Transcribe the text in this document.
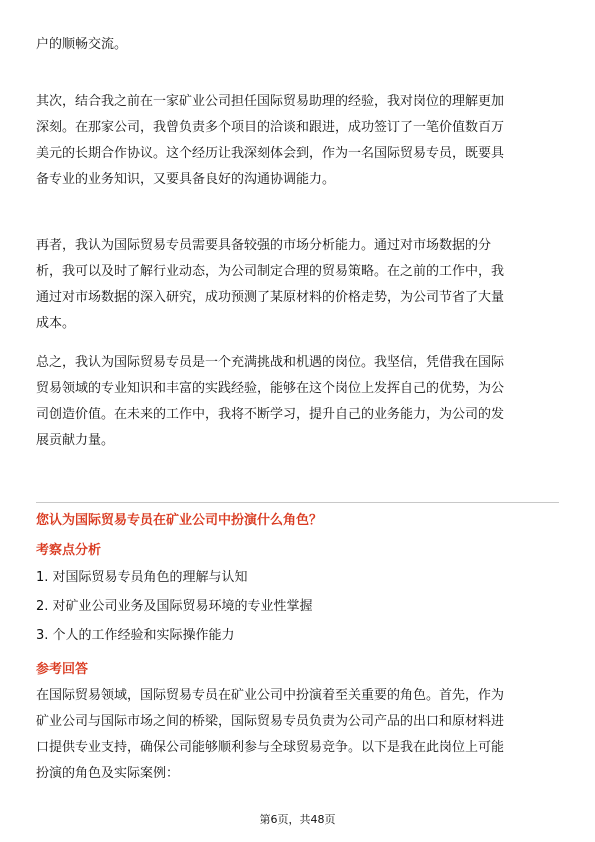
户的顺畅交流。

其次，结合我之前在一家矿业公司担任国际贸易助理的经验，我对岗位的理解更加
深刻。在那家公司，我曾负责多个项目的洽谈和跟进，成功签订了一笔价值数百万
美元的长期合作协议。这个经历让我深刻体会到，作为一名国际贸易专员，既要具
备专业的业务知识，又要具备良好的沟通协调能力。

再者，我认为国际贸易专员需要具备较强的市场分析能力。通过对市场数据的分
析，我可以及时了解行业动态，为公司制定合理的贸易策略。在之前的工作中，我
通过对市场数据的深入研究，成功预测了某原材料的价格走势，为公司节省了大量
成本。

总之，我认为国际贸易专员是一个充满挑战和机遇的岗位。我坚信，凭借我在国际
贸易领域的专业知识和丰富的实践经验，能够在这个岗位上发挥自己的优势，为公
司创造价值。在未来的工作中，我将不断学习，提升自己的业务能力，为公司的发
展贡献力量。

您认为国际贸易专员在矿业公司中扮演什么角色？
考察点分析

1. 对国际贸易专员角色的理解与认知

2. 对矿业公司业务及国际贸易环境的专业性掌握

3. 个人的工作经验和实际操作能力

参考回答

在国际贸易领域，国际贸易专员在矿业公司中扮演着至关重要的角色。首先，作为
矿业公司与国际市场之间的桥梁，国际贸易专员负责为公司产品的出口和原材料进
口提供专业支持，确保公司能够顺利参与全球贸易竞争。以下是我在此岗位上可能
扮演的角色及实际案例：

第6页，共48页
